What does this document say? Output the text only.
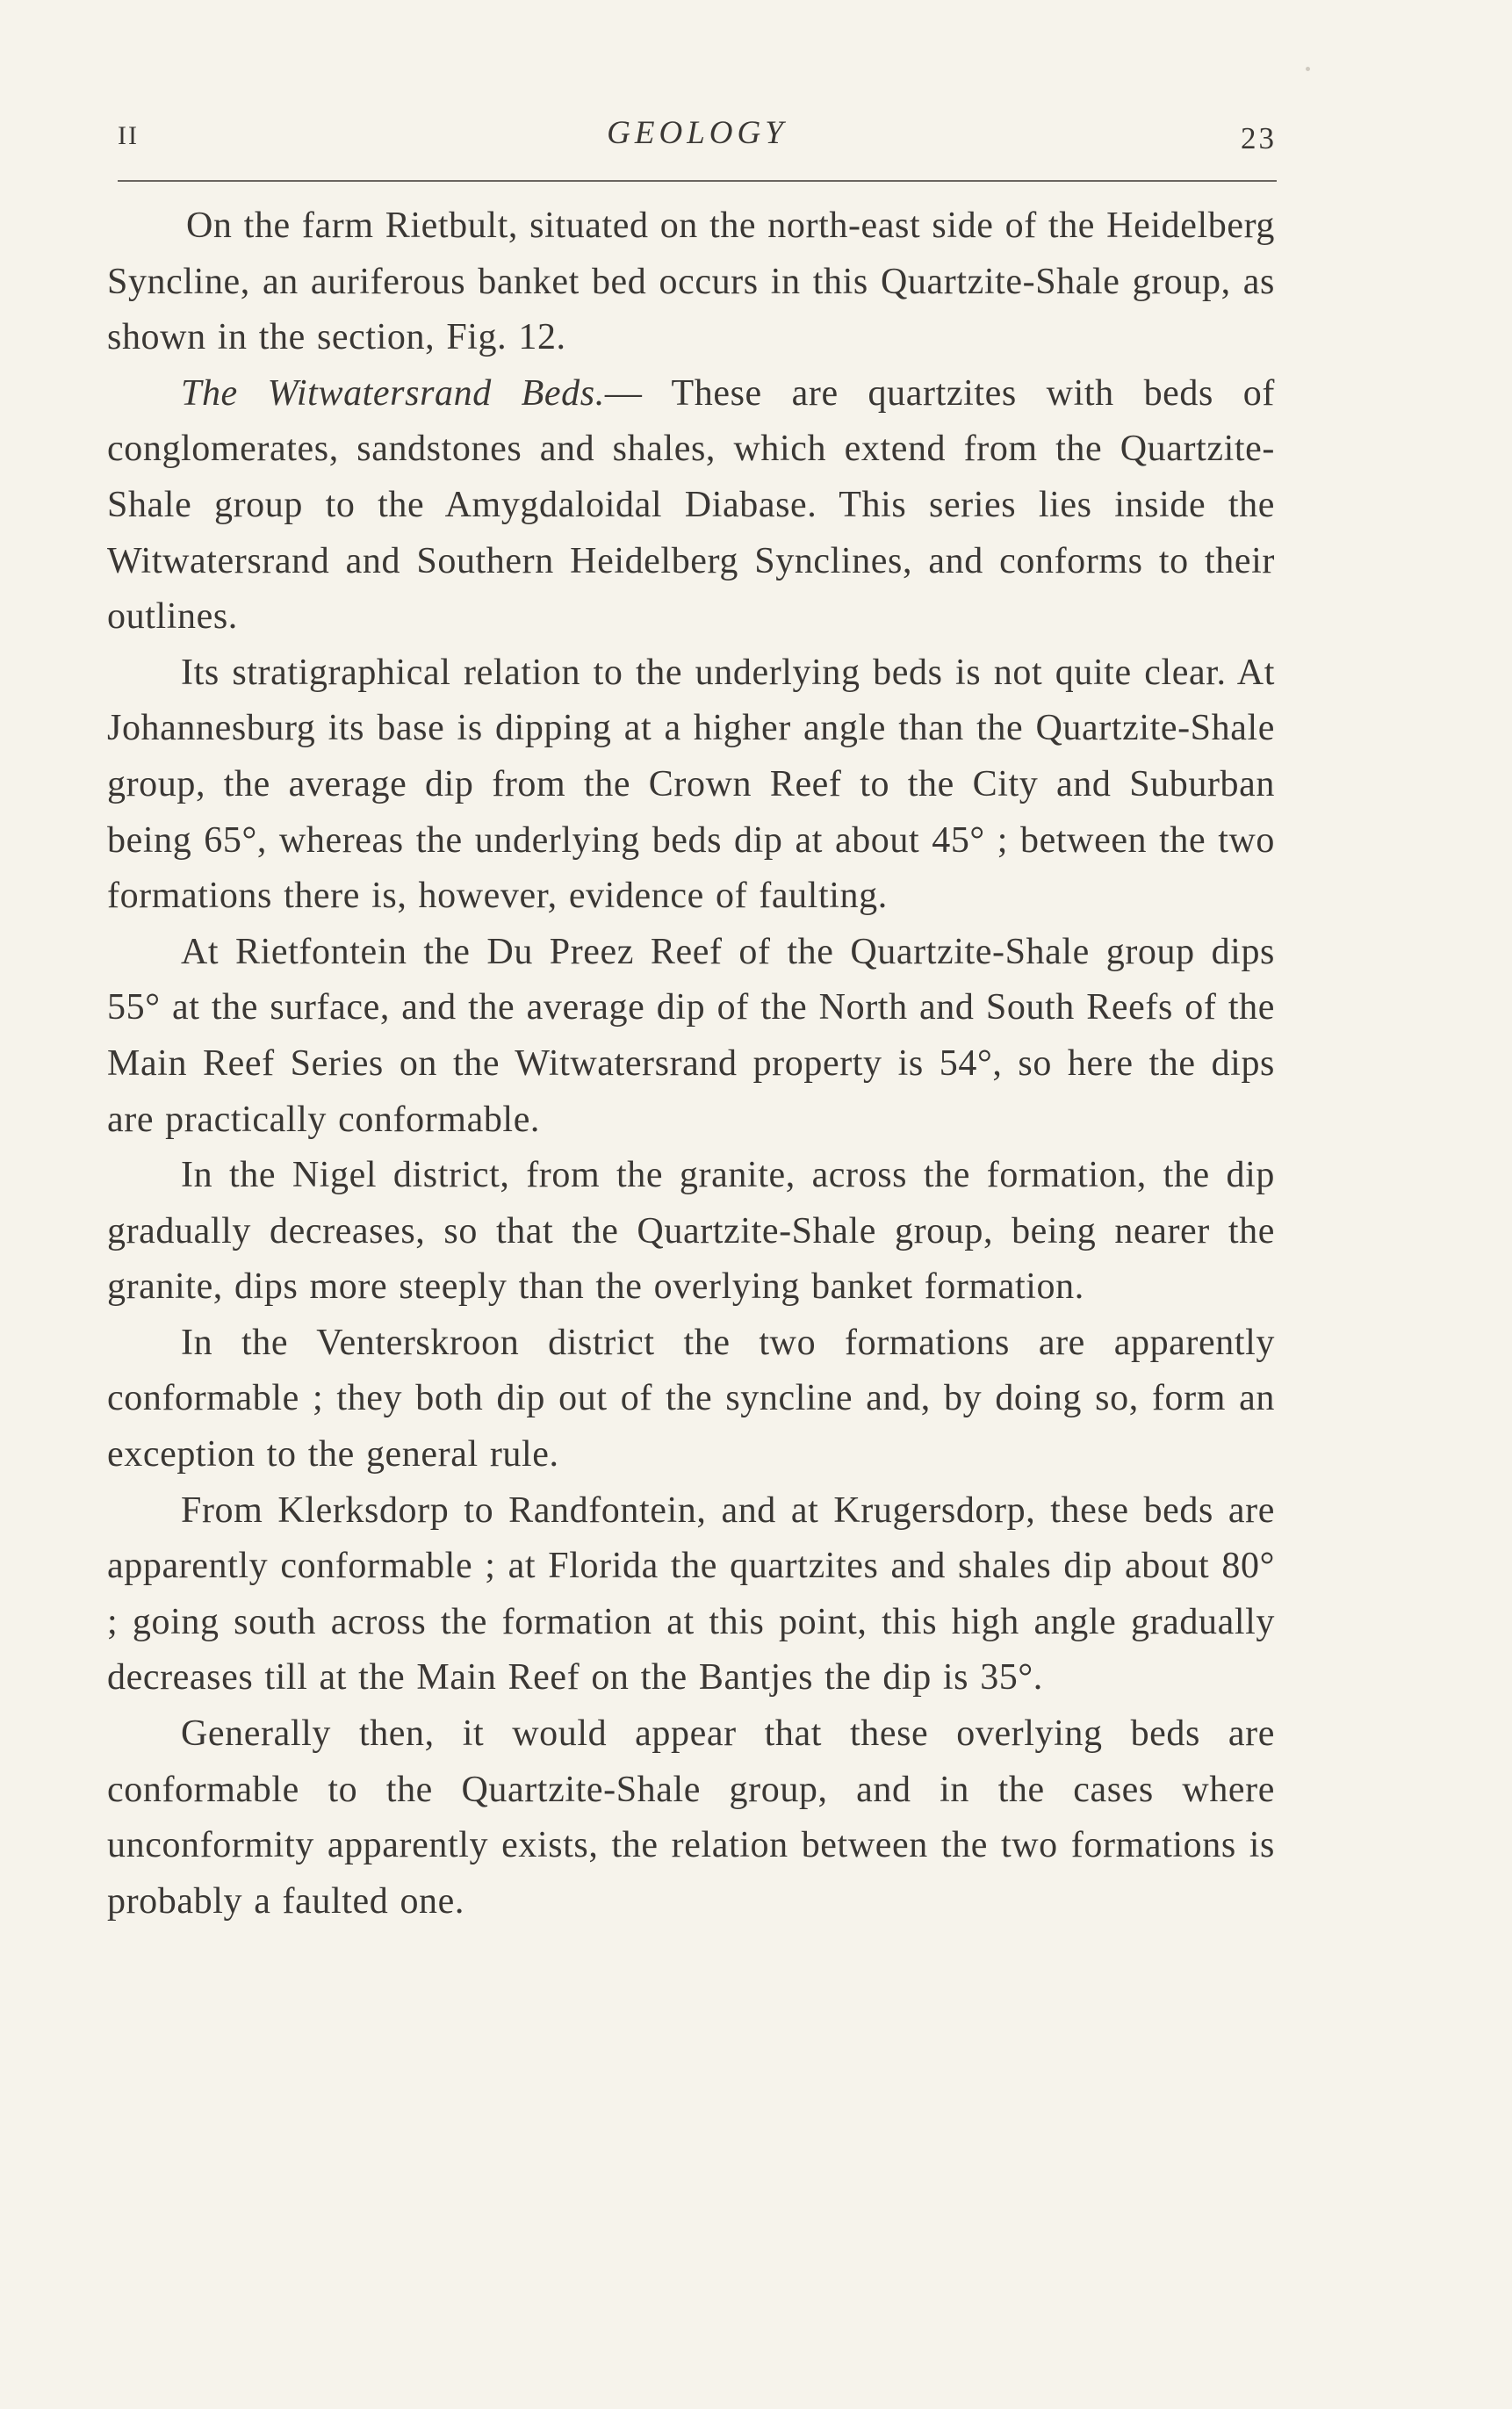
II	GEOLOGY	23

On the farm Rietbult, situated on the north-east side of the Heidelberg Syncline, an auriferous banket bed occurs in this Quartzite-Shale group, as shown in the section, Fig. 12.

The Witwatersrand Beds.— These are quartzites with beds of conglomerates, sandstones and shales, which extend from the Quartzite-Shale group to the Amygdaloidal Diabase. This series lies inside the Witwatersrand and Southern Heidelberg Synclines, and conforms to their outlines.

Its stratigraphical relation to the underlying beds is not quite clear. At Johannesburg its base is dipping at a higher angle than the Quartzite-Shale group, the average dip from the Crown Reef to the City and Suburban being 65°, whereas the underlying beds dip at about 45° ; between the two formations there is, however, evidence of faulting.

At Rietfontein the Du Preez Reef of the Quartzite-Shale group dips 55° at the surface, and the average dip of the North and South Reefs of the Main Reef Series on the Witwatersrand property is 54°, so here the dips are practically conformable.

In the Nigel district, from the granite, across the formation, the dip gradually decreases, so that the Quartzite-Shale group, being nearer the granite, dips more steeply than the overlying banket formation.

In the Venterskroon district the two formations are apparently conformable ; they both dip out of the syncline and, by doing so, form an exception to the general rule.

From Klerksdorp to Randfontein, and at Krugersdorp, these beds are apparently conformable ; at Florida the quartzites and shales dip about 80° ; going south across the formation at this point, this high angle gradually decreases till at the Main Reef on the Bantjes the dip is 35°.

Generally then, it would appear that these overlying beds are conformable to the Quartzite-Shale group, and in the cases where unconformity apparently exists, the relation between the two formations is probably a faulted one.
